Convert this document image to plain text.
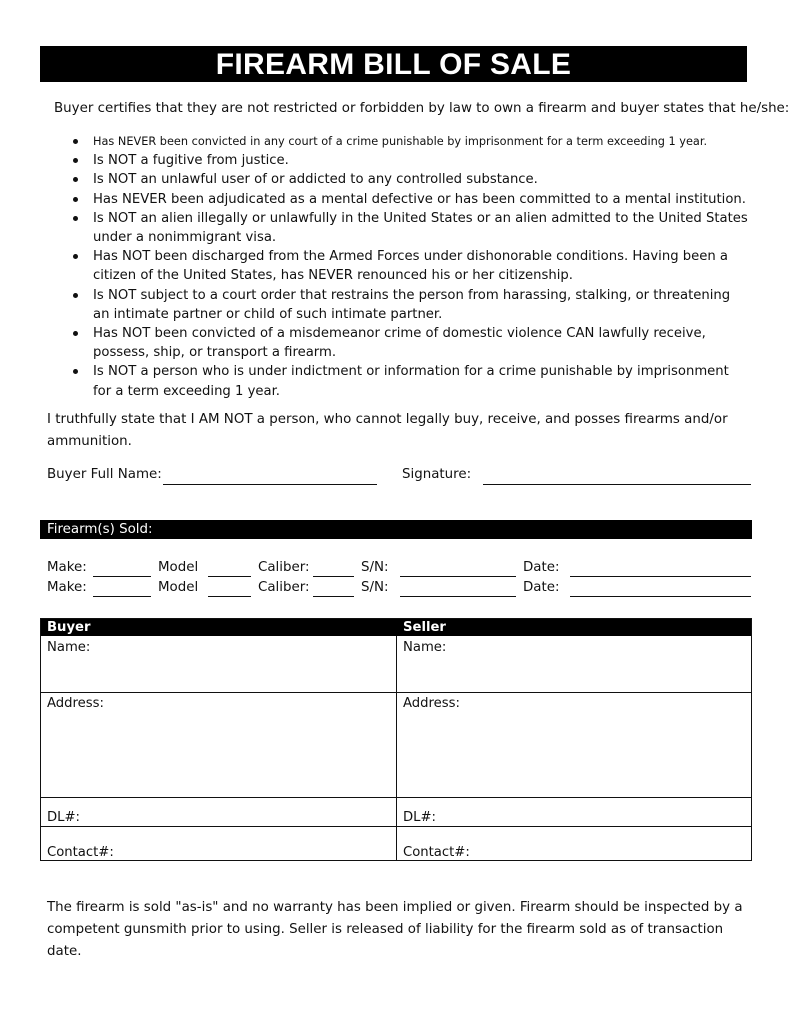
FIREARM BILL OF SALE
Buyer certifies that they are not restricted or forbidden by law to own a firearm and buyer states that he/she:
Has NEVER been convicted in any court of a crime punishable by imprisonment for a term exceeding 1 year.
Is NOT a fugitive from justice.
Is NOT an unlawful user of or addicted to any controlled substance.
Has NEVER been adjudicated as a mental defective or has been committed to a mental institution.
Is NOT an alien illegally or unlawfully in the United States or an alien admitted to the United States under a nonimmigrant visa.
Has NOT been discharged from the Armed Forces under dishonorable conditions. Having been a citizen of the United States, has NEVER renounced his or her citizenship.
Is NOT subject to a court order that restrains the person from harassing, stalking, or threatening an intimate partner or child of such intimate partner.
Has NOT been convicted of a misdemeanor crime of domestic violence CAN lawfully receive, possess, ship, or transport a firearm.
Is NOT a person who is under indictment or information for a crime punishable by imprisonment for a term exceeding 1 year.
I truthfully state that I AM NOT a person, who cannot legally buy, receive, and posses firearms and/or ammunition.
Buyer Full Name:	Signature:
Firearm(s) Sold:
Make:	Model	Caliber:	S/N:	Date:
Make:	Model	Caliber:	S/N:	Date:
Buyer	Seller
Name:	Name:
Address:	Address:
DL#:	DL#:
Contact#:	Contact#:
The firearm is sold "as-is" and no warranty has been implied or given. Firearm should be inspected by a competent gunsmith prior to using. Seller is released of liability for the firearm sold as of transaction date.
